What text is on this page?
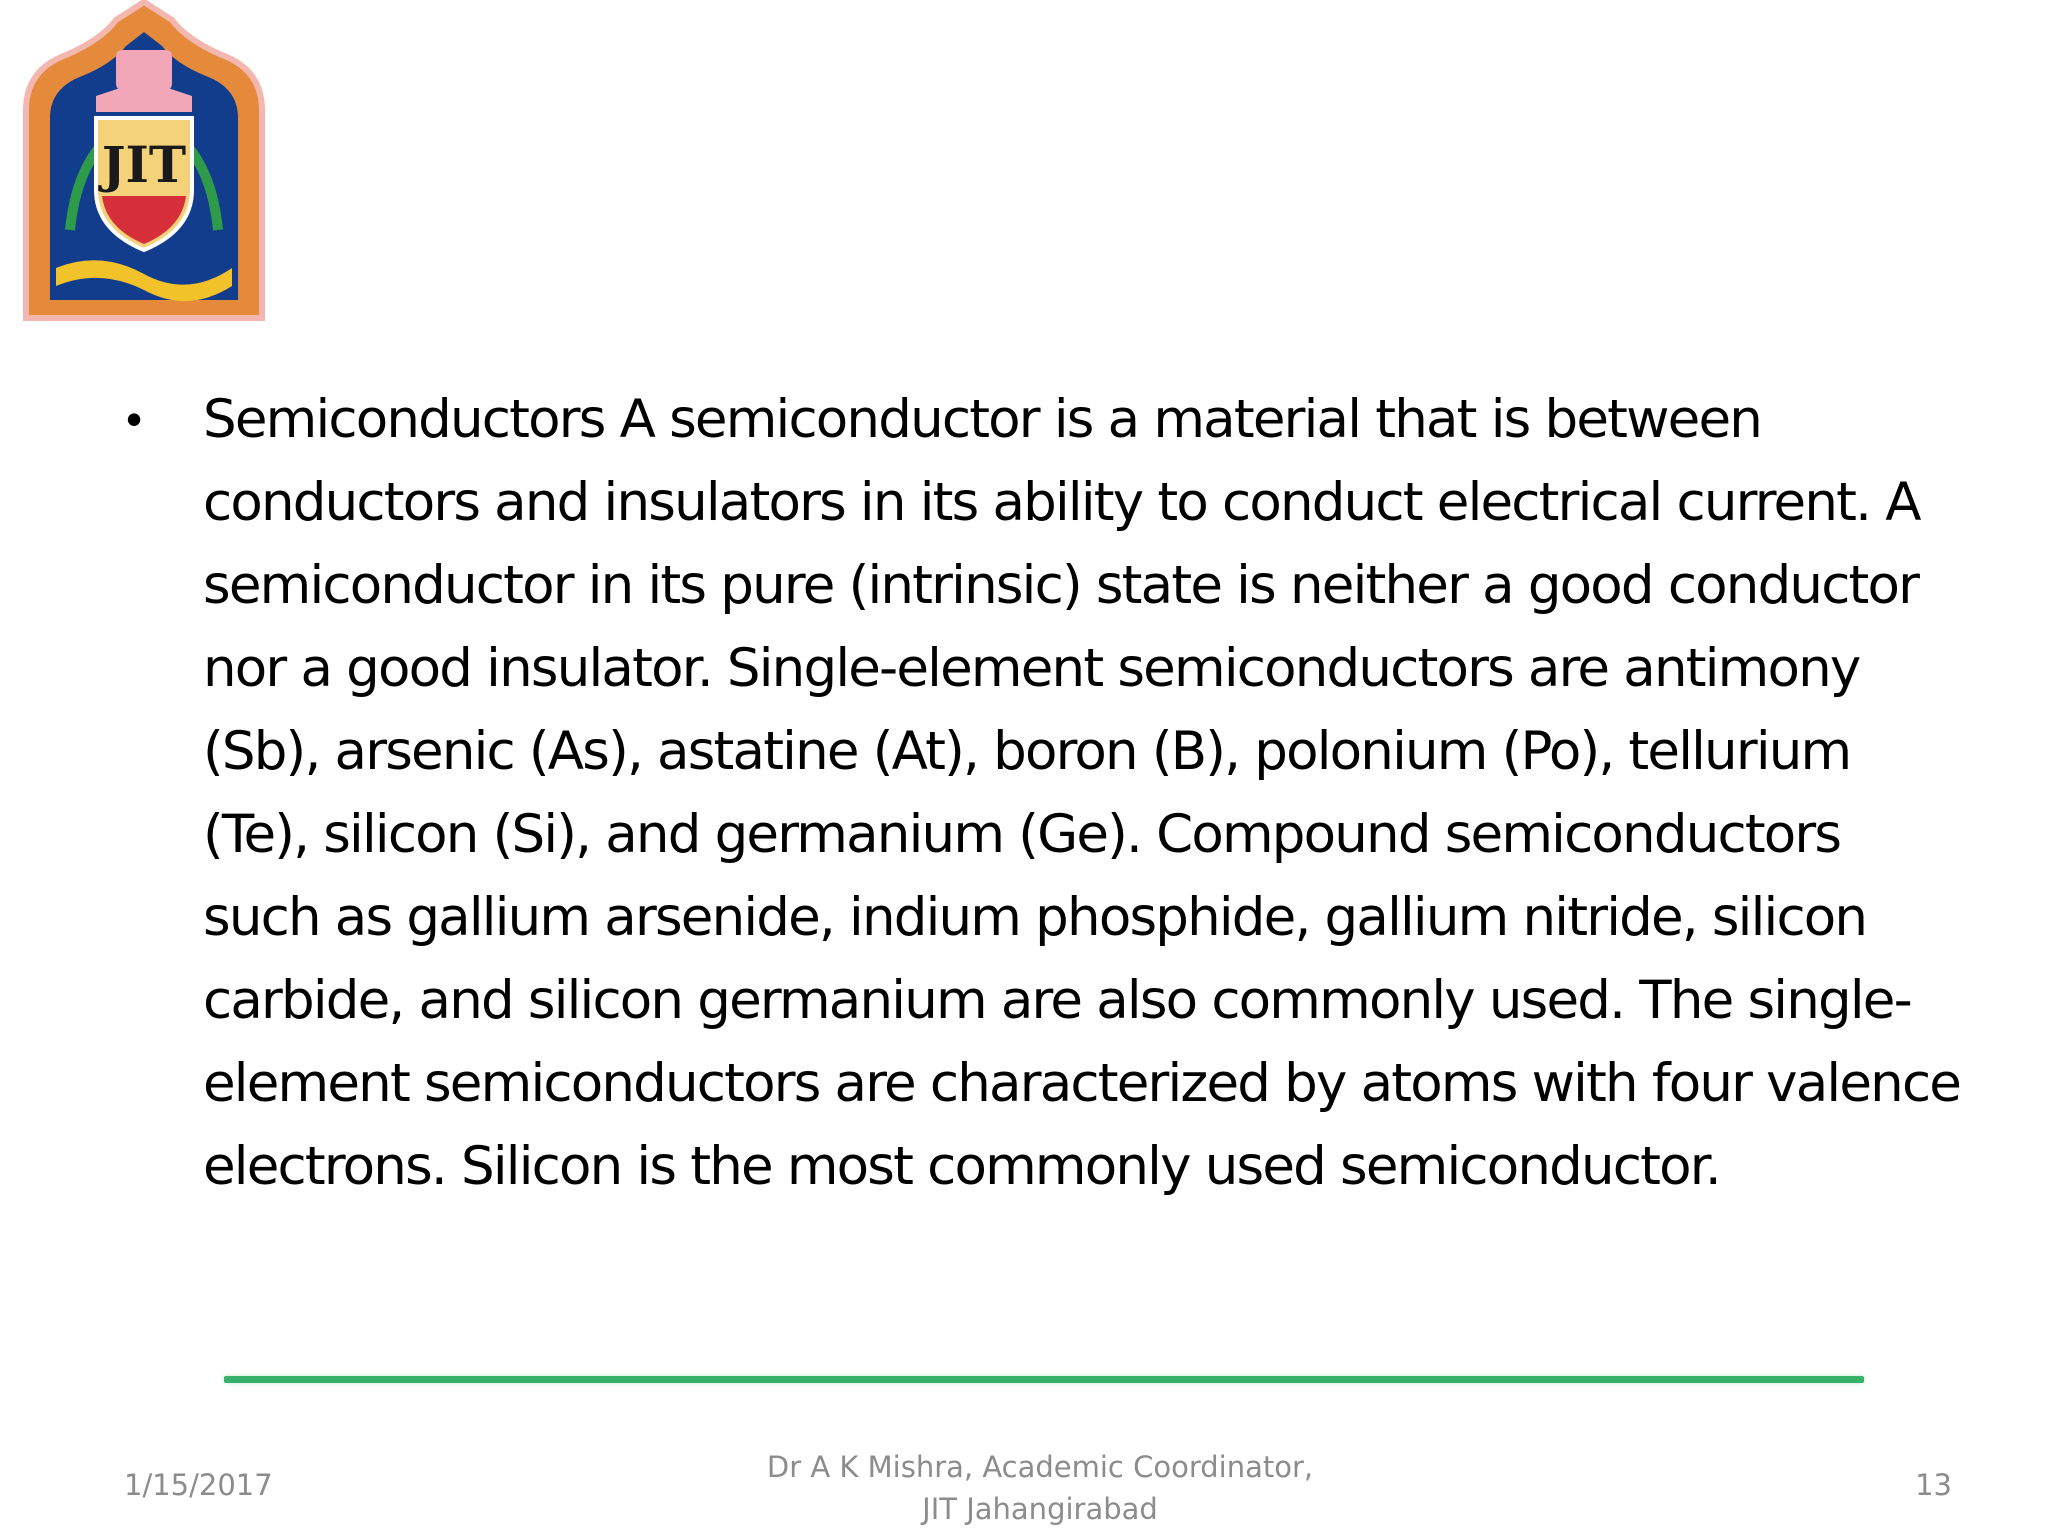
JIT
•	Semiconductors A semiconductor is a material that is between conductors and insulators in its ability to conduct electrical current. A semiconductor in its pure (intrinsic) state is neither a good conductor nor a good insulator. Single-element semiconductors are antimony (Sb), arsenic (As), astatine (At), boron (B), polonium (Po), tellurium (Te), silicon (Si), and germanium (Ge). Compound semiconductors such as gallium arsenide, indium phosphide, gallium nitride, silicon carbide, and silicon germanium are also commonly used. The single-element semiconductors are characterized by atoms with four valence electrons. Silicon is the most commonly used semiconductor.
1/15/2017
Dr A K Mishra, Academic Coordinator,
JIT Jahangirabad
13
